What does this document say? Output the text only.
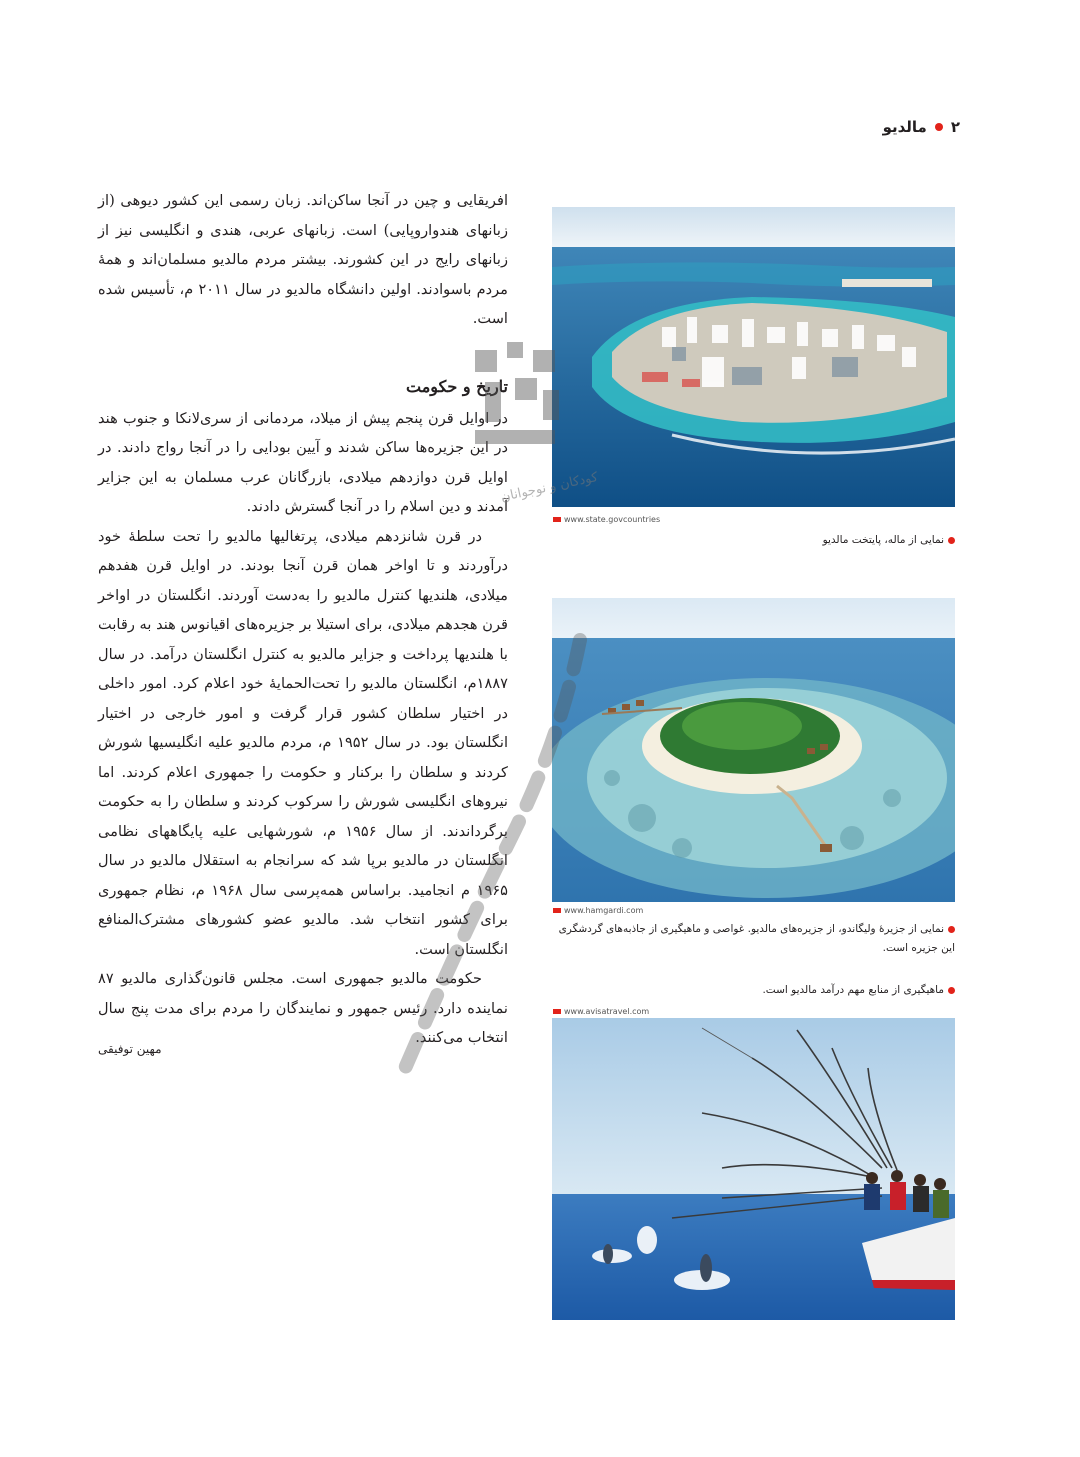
۲
مالدیو

افریقایی و چین در آنجا ساکن‌اند. زبان رسمی این کشور دیوهی (از زبانهای هندواروپایی) است. زبانهای عربی، هندی و انگلیسی نیز از زبانهای رایج در این کشورند. بیشتر مردم مالدیو مسلمان‌اند و همهٔ مردم باسوادند. اولین دانشگاه مالدیو در سال ۲۰۱۱ م، تأسیس شده است.

تاریخ و حکومت

در اوایل قرن پنجم پیش از میلاد، مردمانی از سری‌لانکا و جنوب هند در این جزیره‌ها ساکن شدند و آیین بودایی را در آنجا رواج دادند. در اوایل قرن دوازدهم میلادی، بازرگانان عرب مسلمان به این جزایر آمدند و دین اسلام را در آنجا گسترش دادند.

در قرن شانزدهم میلادی، پرتغالیها مالدیو را تحت سلطهٔ خود درآوردند و تا اواخر همان قرن آنجا بودند. در اوایل قرن هفدهم میلادی، هلندیها کنترل مالدیو را به‌دست آوردند. انگلستان در اواخر قرن هجدهم میلادی، برای استیلا بر جزیره‌های اقیانوس هند به رقابت با هلندیها پرداخت و جزایر مالدیو به کنترل انگلستان درآمد. در سال ۱۸۸۷م، انگلستان مالدیو را تحت‌الحمایهٔ خود اعلام کرد. امور داخلی در اختیار سلطان کشور قرار گرفت و امور خارجی در اختیار انگلستان بود. در سال ۱۹۵۲ م، مردم مالدیو علیه انگلیسیها شورش کردند و سلطان را برکنار و حکومت را جمهوری اعلام کردند. اما نیروهای انگلیسی شورش را سرکوب کردند و سلطان را به حکومت برگرداندند. از سال ۱۹۵۶ م، شورشهایی علیه پایگاههای نظامی انگلستان در مالدیو برپا شد که سرانجام به استقلال مالدیو در سال ۱۹۶۵ م انجامید. براساس همه‌پرسی سال ۱۹۶۸ م، نظام جمهوری برای کشور انتخاب شد. مالدیو عضو کشورهای مشترک‌المنافع انگلستان است.

حکومت مالدیو جمهوری است. مجلس قانون‌گذاری مالدیو ۸۷ نماینده دارد. رئیس جمهور و نمایندگان را مردم برای مدت پنج سال انتخاب می‌کنند.

مهین توفیقی
www.state.govcountries
نمایی از ماله، پایتخت مالدیو
www.hamgardi.com
نمایی از جزیرهٔ ولیگاندو، از جزیره‌های مالدیو. غواصی و ماهیگیری از جاذبه‌های گردشگری این جزیره است.
ماهیگیری از منابع مهم درآمد مالدیو است.
www.avisatravel.com
کودکان و نوجوانان
